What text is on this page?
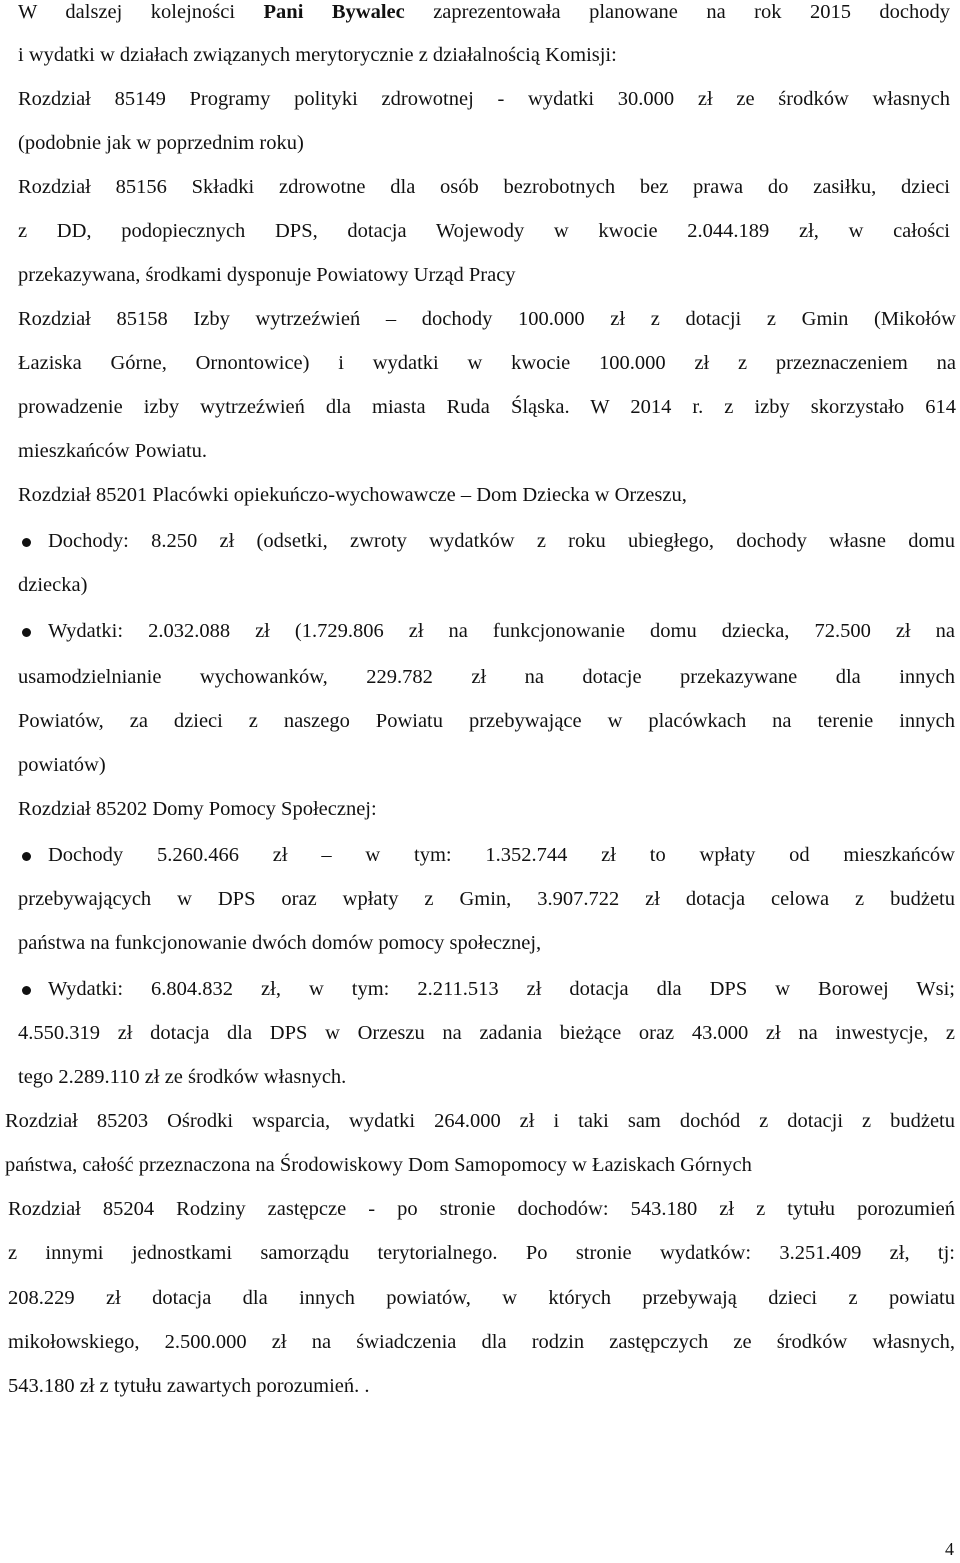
W dalszej kolejności Pani Bywalec zaprezentowała planowane na rok 2015 dochody
i wydatki w działach związanych merytorycznie z działalnością Komisji:
Rozdział 85149 Programy polityki zdrowotnej - wydatki 30.000 zł ze środków własnych
(podobnie jak w poprzednim roku)
Rozdział 85156 Składki zdrowotne dla osób bezrobotnych bez prawa do zasiłku, dzieci
z DD, podopiecznych DPS, dotacja Wojewody w kwocie 2.044.189 zł, w całości
przekazywana, środkami dysponuje Powiatowy Urząd Pracy
Rozdział 85158 Izby wytrzeźwień – dochody 100.000 zł z dotacji z Gmin (Mikołów
Łaziska Górne, Ornontowice) i wydatki w kwocie 100.000 zł z przeznaczeniem na
prowadzenie izby wytrzeźwień dla miasta Ruda Śląska. W 2014 r. z izby skorzystało 614
mieszkańców Powiatu.
Rozdział 85201 Placówki opiekuńczo-wychowawcze – Dom Dziecka w Orzeszu,
Dochody: 8.250 zł (odsetki, zwroty wydatków z roku ubiegłego, dochody własne domu
dziecka)
Wydatki: 2.032.088 zł (1.729.806 zł na funkcjonowanie domu dziecka, 72.500 zł na
usamodzielnianie wychowanków, 229.782 zł na dotacje przekazywane dla innych
Powiatów, za dzieci z naszego Powiatu przebywające w placówkach na terenie innych
powiatów)
Rozdział 85202 Domy Pomocy Społecznej:
Dochody 5.260.466 zł – w tym: 1.352.744 zł to wpłaty od mieszkańców
przebywających w DPS oraz wpłaty z Gmin, 3.907.722 zł dotacja celowa z budżetu
państwa na funkcjonowanie dwóch domów pomocy społecznej,
Wydatki: 6.804.832 zł, w tym: 2.211.513 zł dotacja dla DPS w Borowej Wsi;
4.550.319 zł dotacja dla DPS w Orzeszu na zadania bieżące oraz 43.000 zł na inwestycje, z
tego 2.289.110 zł ze środków własnych.
Rozdział 85203 Ośrodki wsparcia, wydatki 264.000 zł i taki sam dochód z dotacji z budżetu
państwa, całość przeznaczona na Środowiskowy Dom Samopomocy w Łaziskach Górnych
Rozdział 85204 Rodziny zastępcze - po stronie dochodów: 543.180 zł z tytułu porozumień
z innymi jednostkami samorządu terytorialnego. Po stronie wydatków: 3.251.409 zł, tj:
208.229 zł dotacja dla innych powiatów, w których przebywają dzieci z powiatu
mikołowskiego, 2.500.000 zł na świadczenia dla rodzin zastępczych ze środków własnych,
543.180 zł z tytułu zawartych porozumień. .
4
